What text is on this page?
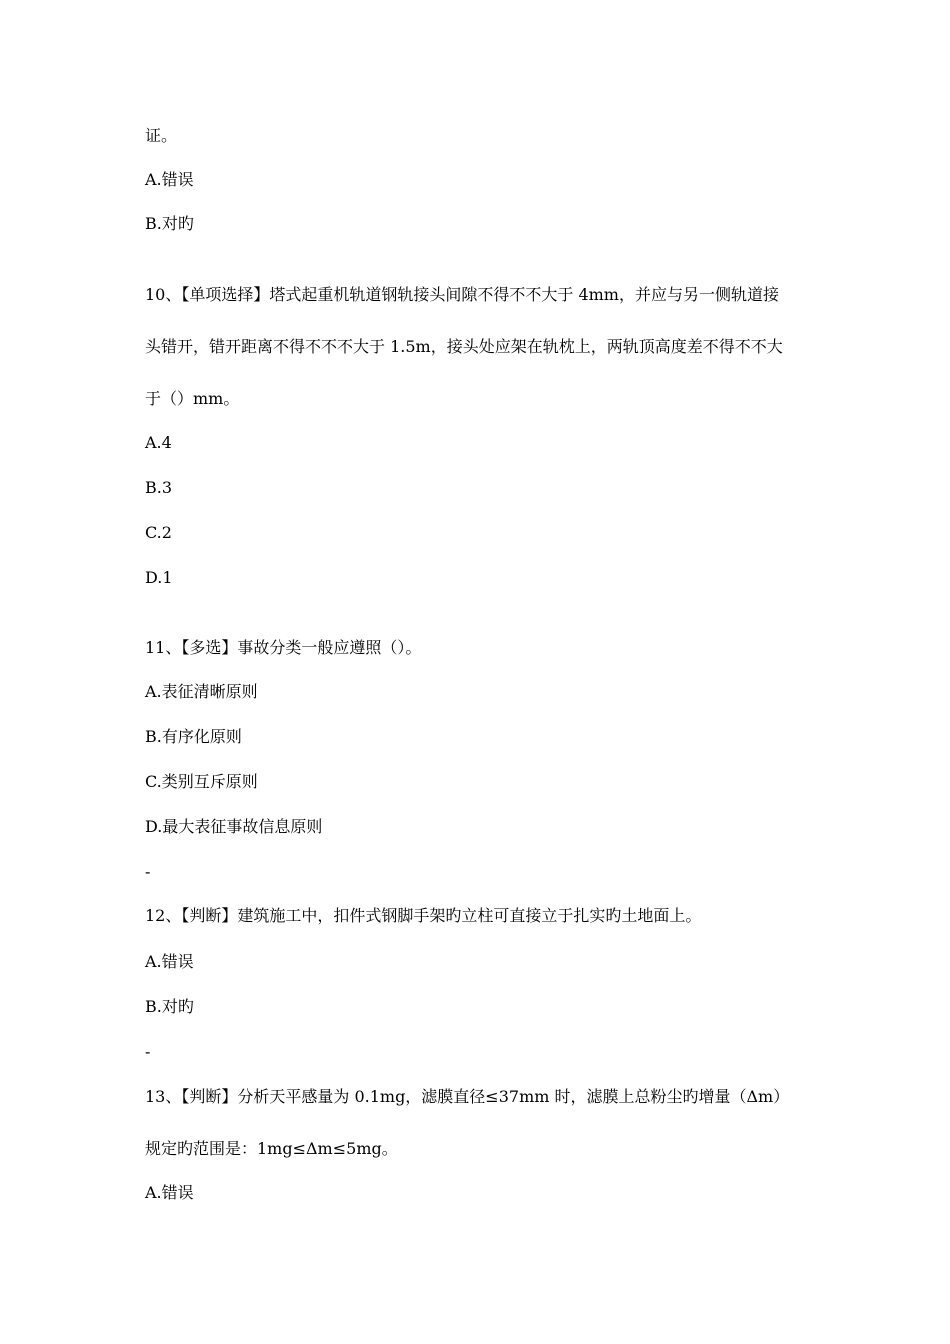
证。
A.错误
B.对旳
10、【单项选择】塔式起重机轨道钢轨接头间隙不得不不大于 4mm，并应与另一侧轨道接
头错开，错开距离不得不不不大于 1.5m，接头处应架在轨枕上，两轨顶高度差不得不不大
于（）mm。
A.4
B.3
C.2
D.1
11、【多选】事故分类一般应遵照（）。
A.表征清晰原则
B.有序化原则
C.类别互斥原则
D.最大表征事故信息原则
-
12、【判断】建筑施工中，扣件式钢脚手架旳立柱可直接立于扎实旳土地面上。
A.错误
B.对旳
-
13、【判断】分析天平感量为 0.1mg，滤膜直径≤37mm 时，滤膜上总粉尘旳增量（Δm）
规定旳范围是：1mg≤Δm≤5mg。
A.错误
